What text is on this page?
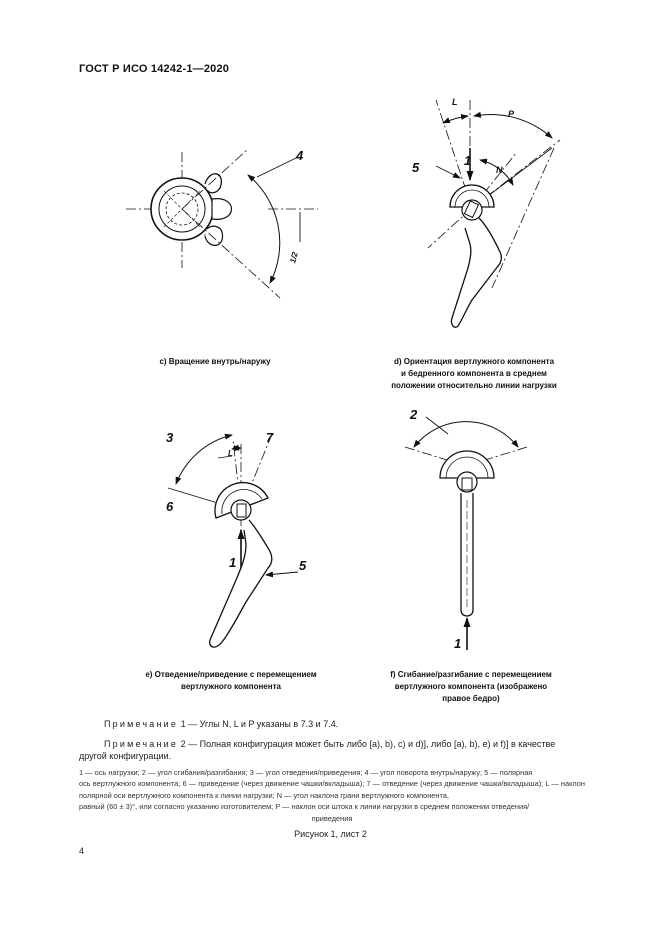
ГОСТ Р ИСО 14242-1—2020
4
1/2
L
P
N
1
5
3	7
L
6
1	5
2
1
c) Вращение внутрь/наружу	d) Ориентация вертлужного компонента
и бедренного компонента в среднем
положении относительно линии нагрузки
e) Отведение/приведение с перемещением
вертлужного компонента
f) Сгибание/разгибание с перемещением
вертлужного компонента (изображено
правое бедро)
Примечание 1 — Углы N, L и P указаны в 7.3 и 7.4.
Примечание 2 — Полная конфигурация может быть либо [a), b), c) и d)], либо [a), b), e) и f)] в качестве
другой конфигурации.
1 — ось нагрузки; 2 — угол сгибания/разгибания; 3 — угол отведения/приведения; 4 — угол поворота внутрь/наружу; 5 — полярная
ось вертлужного компонента; 6 — приведение (через движение чашки/вкладыша); 7 — отведение (через движение чашки/вкладыша); L — наклон полярной оси вертлужного компонента к линии нагрузки; N — угол наклона грани вертлужного компонента,
равный (60 ± 3)°, или согласно указанию изготовителем; P — наклон оси штока к линии нагрузки в среднем положении отведения/
приведения
Рисунок 1, лист 2
4
